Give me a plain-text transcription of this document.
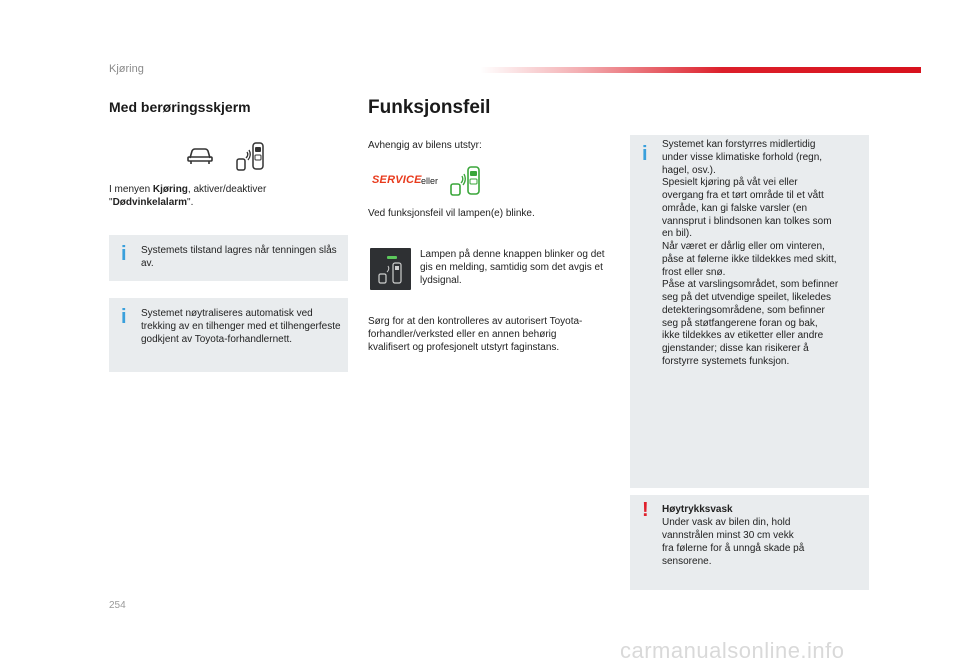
Kjøring
Med berøringsskjerm
I menyen Kjøring, aktiver/deaktiver
"Dødvinkelalarm".
i Systemets tilstand lagres når tenningen slås av.
i Systemet nøytraliseres automatisk ved trekking av en tilhenger med et tilhengerfeste godkjent av Toyota-forhandlernett.
Funksjonsfeil
Avhengig av bilens utstyr:
SERVICE eller
Ved funksjonsfeil vil lampen(e) blinke.
Lampen på denne knappen blinker og det gis en melding, samtidig som det avgis et lydsignal.
Sørg for at den kontrolleres av autorisert Toyota-forhandler/verksted eller en annen behørig kvalifisert og profesjonelt utstyrt faginstans.
i Systemet kan forstyrres midlertidig
under visse klimatiske forhold (regn,
hagel, osv.).
Spesielt kjøring på våt vei eller
overgang fra et tørt område til et vått
område, kan gi falske varsler (en
vannsprut i blindsonen kan tolkes som
en bil).
Når været er dårlig eller om vinteren,
påse at følerne ikke tildekkes med skitt,
frost eller snø.
Påse at varslingsområdet, som befinner
seg på det utvendige speilet, likeledes
detekteringsområdene, som befinner
seg på støtfangerene foran og bak,
ikke tildekkes av etiketter eller andre
gjenstander; disse kan risikerer å
forstyrre systemets funksjon.
! Høytrykksvask
Under vask av bilen din, hold
vannstrålen minst 30 cm vekk
fra følerne for å unngå skade på
sensorene.
254
carmanualsonline.info
